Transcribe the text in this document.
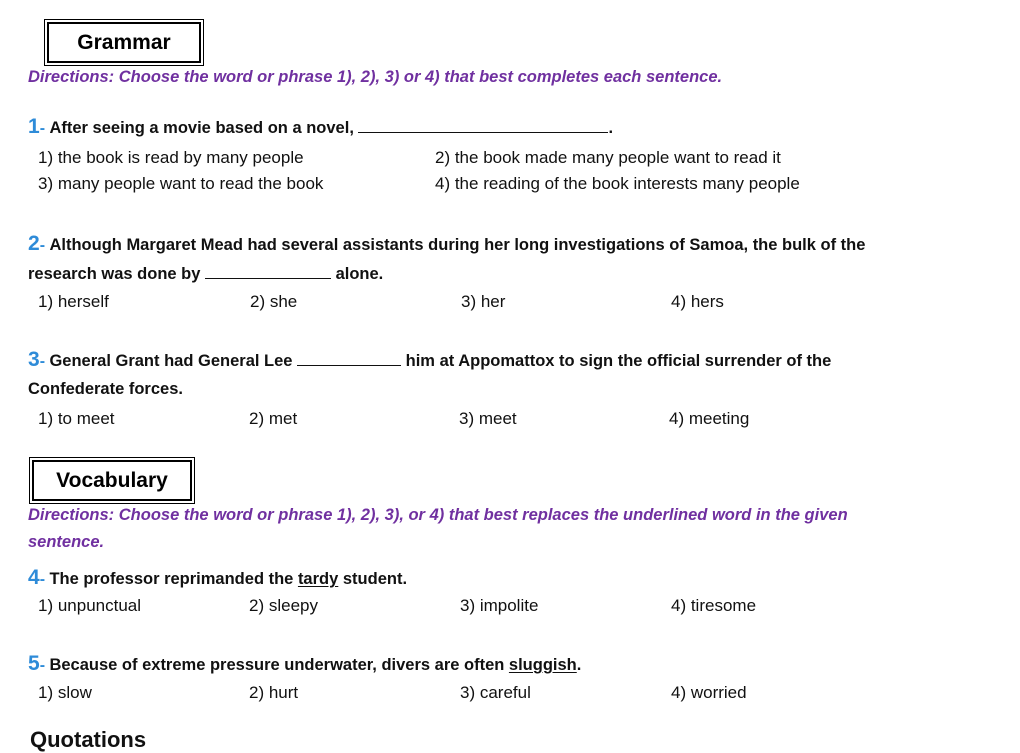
Grammar
Directions: Choose the word or phrase 1), 2), 3) or 4) that best completes each sentence.
1- After seeing a movie based on a novel,	.
1) the book is read by many people	2) the book made many people want to read it
3) many people want to read the book	4) the reading of the book interests many people
2- Although Margaret Mead had several assistants during her long investigations of Samoa, the bulk of the
research was done by	alone.
1) herself	2) she	3) her	4) hers
3- General Grant had General Lee	him at Appomattox to sign the official surrender of the
Confederate forces.
1) to meet	2) met	3) meet	4) meeting
Vocabulary
Directions: Choose the word or phrase 1), 2), 3), or 4) that best replaces the underlined word in the given
sentence.
4- The professor reprimanded the tardy student.
1) unpunctual	2) sleepy	3) impolite	4) tiresome
5- Because of extreme pressure underwater, divers are often sluggish.
1) slow	2) hurt	3) careful	4) worried
Quotations
